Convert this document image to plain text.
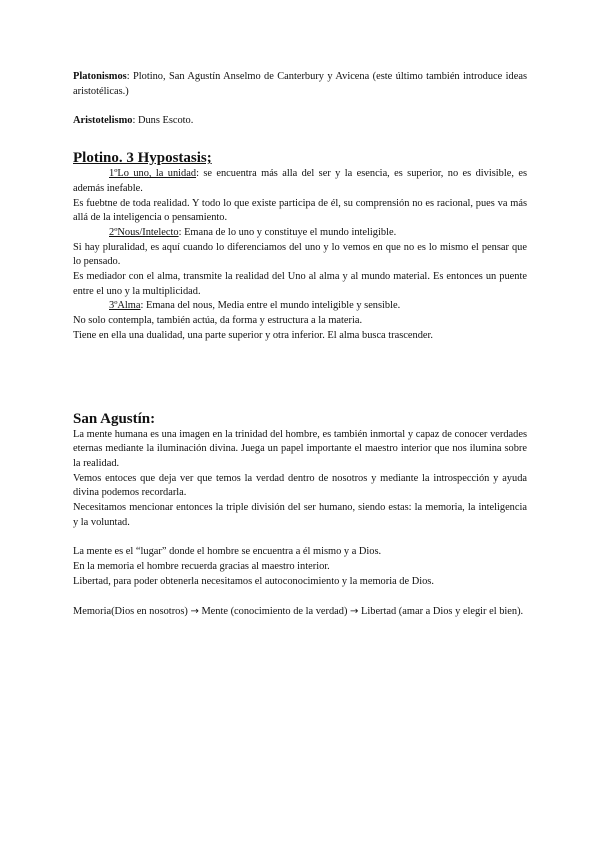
Platonismos: Plotino, San Agustín Anselmo de Canterbury y Avicena (este último también introduce ideas aristotélicas.)

Aristotelismo: Duns Escoto.

Plotino. 3 Hypostasis;

1ºLo uno, la unidad: se encuentra más alla del ser y la esencia, es superior, no es divisible, es además inefable.

Es fuebtne de toda realidad. Y todo lo que existe participa de él, su comprensión no es racional, pues va más allá de la inteligencia o pensamiento.

2ºNous/Intelecto: Emana de lo uno y constituye el mundo inteligible.

Si hay pluralidad, es aquí cuando lo diferenciamos del uno y lo vemos en que no es lo mismo el pensar que lo pensado.

Es mediador con el alma, transmite la realidad del Uno al alma y al mundo material. Es entonces un puente entre el uno y la multiplicidad.

3ºAlma: Emana del nous, Media entre el mundo inteligible y sensible.

No solo contempla, también actúa, da forma y estructura a la materia.

Tiene en ella una dualidad, una parte superior y otra inferior. El alma busca trascender.

San Agustín:

La mente humana es una imagen en la trinidad del hombre, es también inmortal y capaz de conocer verdades eternas mediante la iluminación divina. Juega un papel importante el maestro interior que nos ilumina sobre la realidad.

Vemos entoces que deja ver que temos la verdad dentro de nosotros y mediante la introspección y ayuda divina podemos recordarla.

Necesitamos mencionar entonces la triple división del ser humano, siendo estas: la memoria, la inteligencia y la voluntad.

La mente es el “lugar” donde el hombre se encuentra a él mismo y a Dios.

En la memoria el hombre recuerda gracias al maestro interior.

Libertad, para poder obtenerla necesitamos el autoconocimiento y la memoria de Dios.

Memoria(Dios en nosotros) → Mente (conocimiento de la verdad) → Libertad (amar a Dios y elegir el bien).
